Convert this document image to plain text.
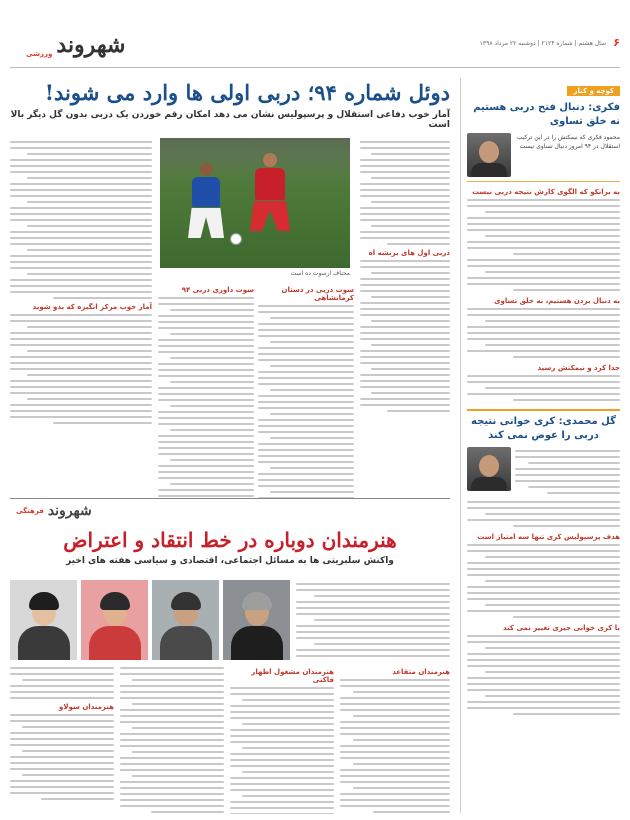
۶
سال هشتم | شماره ۲۱۲۴ | دوشنبه ۲۲ مرداد ۱۳۹۸
شهروند
ورزشی
کوچه و کنار
فکری: دنبال فتح دربی هستیم نه خلق تساوی
محمود فکری که نیمکتش را در این ترکیب استقلال در ۹۴ امروز دنبال تساوی نیست
به برانکو که الگوی کارش نتیجه دربی نیست
به دنبال بردن هستیم، نه خلق تساوی
جدا کرد و نیمکتش رسید
گل محمدی: کری خوانی نتیجه دربی را عوض نمی کند
هدف پرسپولیس کری تنها سه امتیاز است
با کری خوانی جیری تغییر نمی کند
دوئل شماره ۹۴؛ دربی اولی ها وارد می شوند!
آمار خوب دفاعی استقلال و پرسپولیس نشان می دهد امکان رقم خوردن یک دربی بدون گل دیگر بالا است
محناف ارسوت ده است
دربی اول های برنشه اه
آمار خوب مرکز انگیزه که بدو شوید
سوت دربی در دستان کرمانشاهی
سوت داوری دربی ۹۴
شهروند
فرهنگی
هنرمندان دوباره در خط انتقاد و اعتراض
واکنش سلبریتی ها به مسائل اجتماعی، اقتصادی و سیاسی هفته های اخیر
هنرمندان متقاعد
هنرمندان مشغول اظهار فاکتی
هنرمندان سولاو
